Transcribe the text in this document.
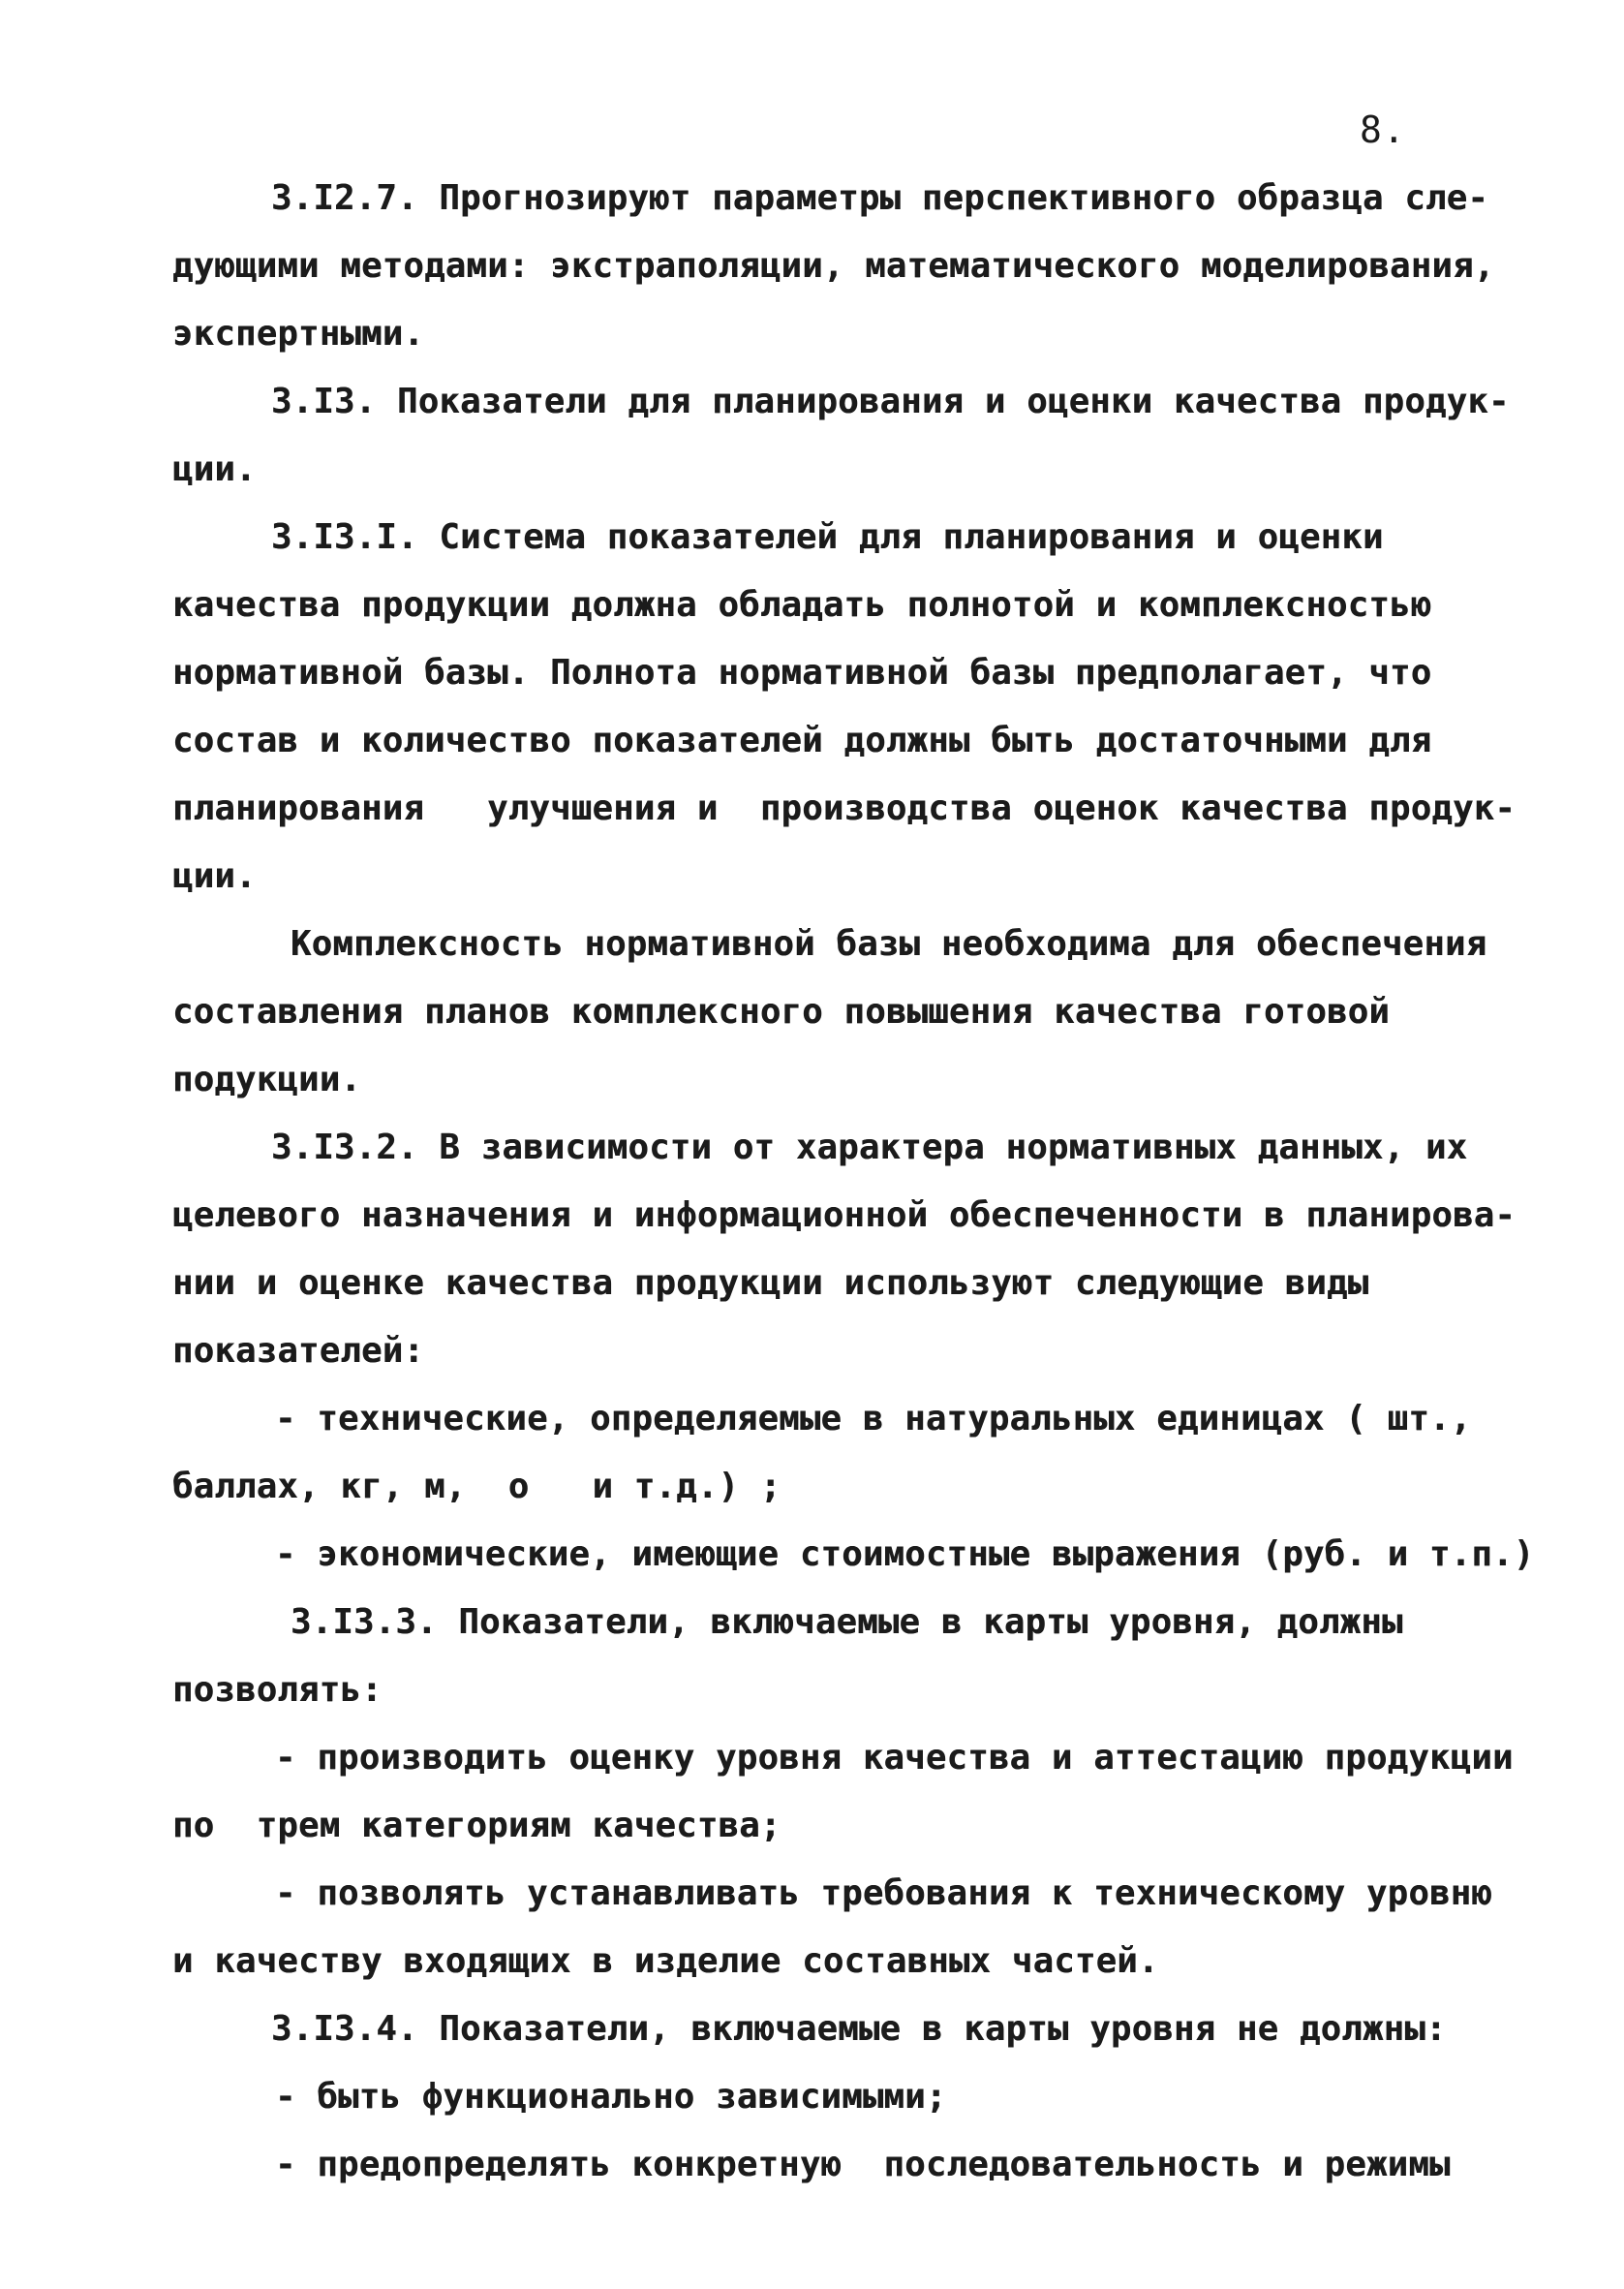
8.
3.I2.7. Прогнозируют параметры перспективного образца сле-
дующими методами: экстраполяции, математического моделирования,
экспертными.
3.I3. Показатели для планирования и оценки качества продук-
ции.
3.I3.I. Система показателей для планирования и оценки
качества продукции должна обладать полнотой и комплексностью
нормативной базы. Полнота нормативной базы предполагает, что
состав и количество показателей должны быть достаточными для
планирования   улучшения и  производства оценок качества продук-
ции.
Комплексность нормативной базы необходима для обеспечения
составления планов комплексного повышения качества готовой
подукции.
3.I3.2. В зависимости от характера нормативных данных, их
целевого назначения и информационной обеспеченности в планирова-
нии и оценке качества продукции используют следующие виды
показателей:
- технические, определяемые в натуральных единицах ( шт.,
баллах, кг, м,  о   и т.д.) ;
- экономические, имеющие стоимостные выражения (руб. и т.п.)
3.I3.3. Показатели, включаемые в карты уровня, должны
позволять:
- производить оценку уровня качества и аттестацию продукции
по  трем категориям качества;
- позволять устанавливать требования к техническому уровню
и качеству входящих в изделие составных частей.
3.I3.4. Показатели, включаемые в карты уровня не должны:
- быть функционально зависимыми;
- предопределять конкретную  последовательность и режимы
